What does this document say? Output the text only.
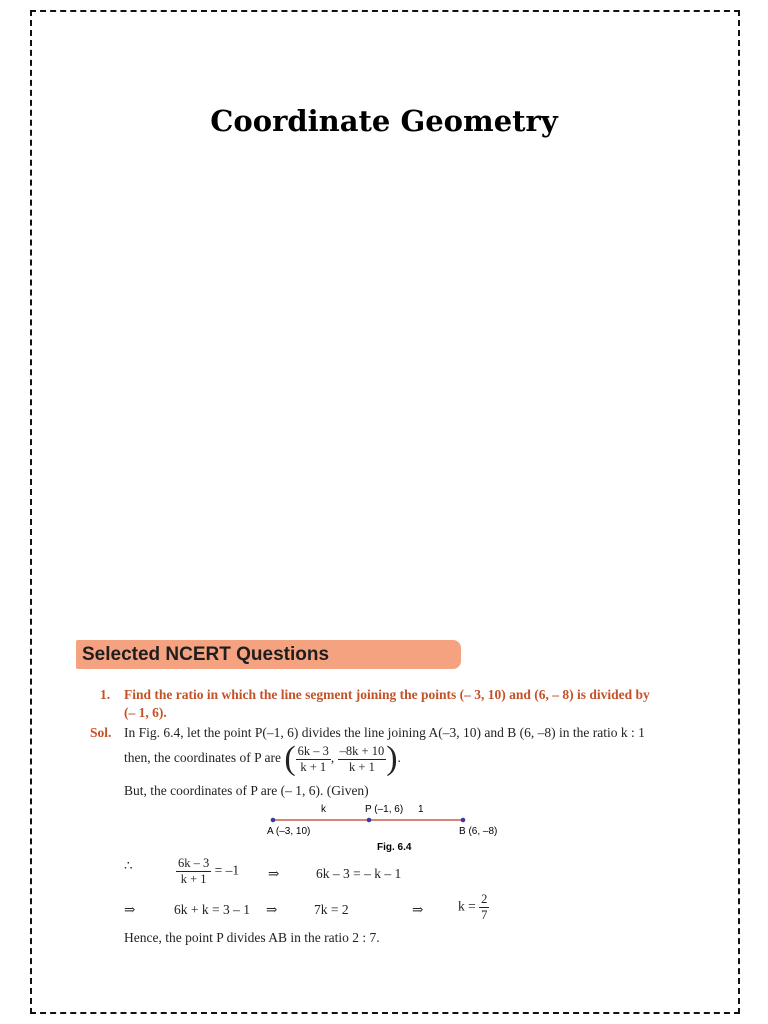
Coordinate Geometry
Selected NCERT Questions
1. Find the ratio in which the line segment joining the points (– 3, 10) and (6, – 8) is divided by
(– 1, 6).
Sol. In Fig. 6.4, let the point P(–1, 6) divides the line joining A(–3, 10) and B (6, –8) in the ratio k : 1
then, the coordinates of P are ( $\frac{6k - 3}{k + 1}$ , $\frac{-8k + 10}{k + 1}$ ).
But, the coordinates of P are (– 1, 6). (Given)
k	P (–1, 6) 1
A (–3, 10)	B (6, –8)
Fig. 6.4
∴	$\frac{6k - 3}{k + 1} = -1$ ⇒	6k – 3 = – k – 1
⇒	6k + k = 3 – 1 ⇒	7k = 2	⇒	$k = \frac{2}{7}$
Hence, the point P divides AB in the ratio 2 : 7.
